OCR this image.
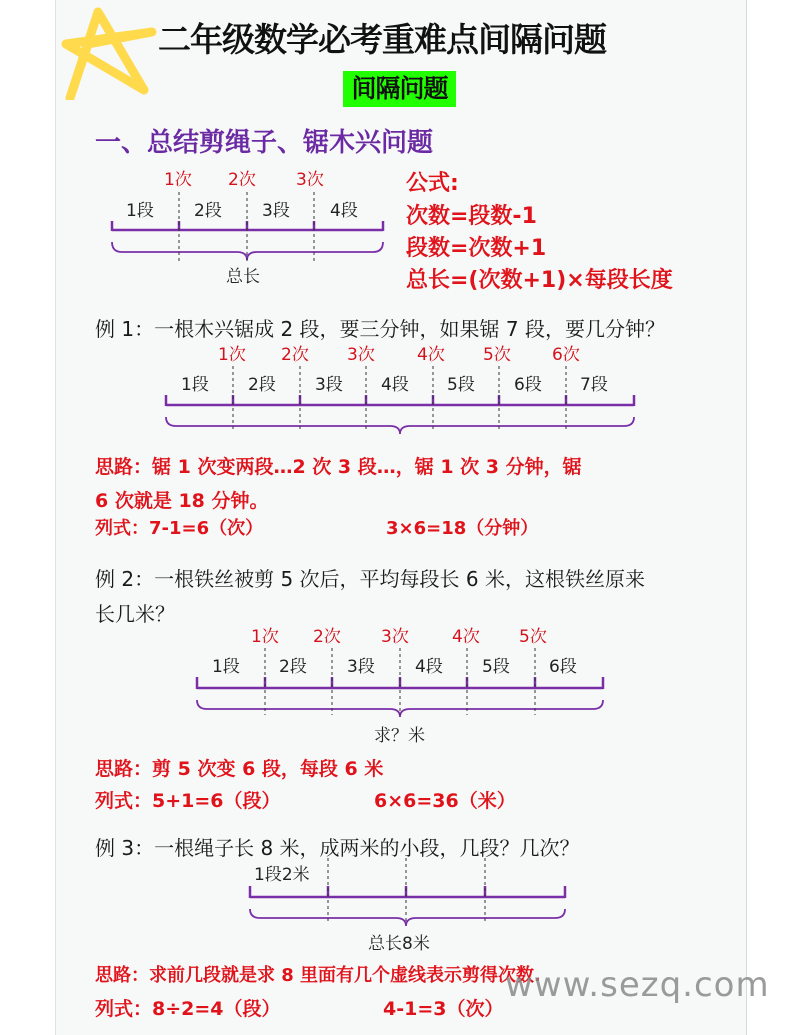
二年级数学必考重难点间隔问题
间隔问题
一、总结剪绳子、锯木兴问题
1次 2次 3次
1段 2段 3段 4段
总长
公式:
次数=段数-1
段数=次数+1
总长=(次数+1)×每段长度
例 1：一根木兴锯成 2 段，要三分钟，如果锯 7 段，要几分钟？
1次 2次 3次 4次 5次 6次
1段 2段 3段 4段 5段 6段 7段
思路：锯 1 次变两段…2 次 3 段…，锯 1 次 3 分钟，锯
6 次就是 18 分钟。
列式：7-1=6（次）	3×6=18（分钟）
例 2：一根铁丝被剪 5 次后，平均每段长 6 米，这根铁丝原来
长几米？
1次 2次 3次	4次 5次
1段 2段 3段 4段 5段 6段
求？米
思路：剪 5 次变 6 段，每段 6 米
列式：5+1=6（段）	6×6=36（米）
例 3：一根绳子长 8 米，成两米的小段，几段？几次？
1段2米
总长8米
思路：求前几段就是求 8 里面有几个虚线表示剪得次数.
列式：8÷2=4（段）	4-1=3（次）
www.sezq.com
